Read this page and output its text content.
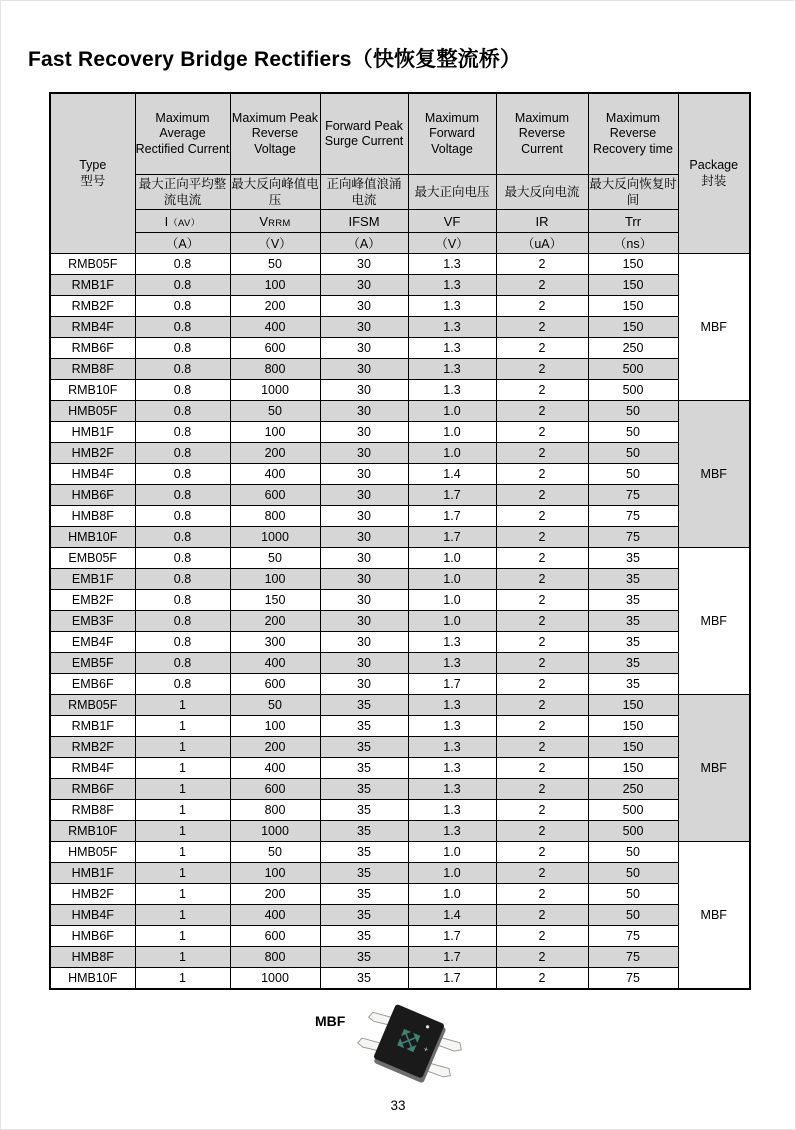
Fast Recovery Bridge Rectifiers（快恢复整流桥）
Type
型号
	Maximum Average Rectified Current	Maximum Peak Reverse Voltage	Forward Peak Surge Current	Maximum Forward Voltage	Maximum Reverse Current	Maximum Reverse Recovery time	
Package
封装

	最大正向平均整流电流	最大反向峰值电压	正向峰值浪涌电流	最大正向电压	最大反向电流	最大反向恢复时间	
	I（AV）	VRRM	IFSM	VF	IR	Trr	
	（A）	（V）	（A）	（V）	（uA）	（ns）	
RMB05F	0.8	50	30	1.3	2	150	MBF
RMB1F	0.8	100	30	1.3	2	150	
RMB2F	0.8	200	30	1.3	2	150	
RMB4F	0.8	400	30	1.3	2	150	
RMB6F	0.8	600	30	1.3	2	250	
RMB8F	0.8	800	30	1.3	2	500	
RMB10F	0.8	1000	30	1.3	2	500	
HMB05F	0.8	50	30	1.0	2	50	MBF
HMB1F	0.8	100	30	1.0	2	50	
HMB2F	0.8	200	30	1.0	2	50	
HMB4F	0.8	400	30	1.4	2	50	
HMB6F	0.8	600	30	1.7	2	75	
HMB8F	0.8	800	30	1.7	2	75	
HMB10F	0.8	1000	30	1.7	2	75	
EMB05F	0.8	50	30	1.0	2	35	MBF
EMB1F	0.8	100	30	1.0	2	35	
EMB2F	0.8	150	30	1.0	2	35	
EMB3F	0.8	200	30	1.0	2	35	
EMB4F	0.8	300	30	1.3	2	35	
EMB5F	0.8	400	30	1.3	2	35	
EMB6F	0.8	600	30	1.7	2	35	
RMB05F	1	50	35	1.3	2	150	MBF
RMB1F	1	100	35	1.3	2	150	
RMB2F	1	200	35	1.3	2	150	
RMB4F	1	400	35	1.3	2	150	
RMB6F	1	600	35	1.3	2	250	
RMB8F	1	800	35	1.3	2	500	
RMB10F	1	1000	35	1.3	2	500	
HMB05F	1	50	35	1.0	2	50	MBF
HMB1F	1	100	35	1.0	2	50	
HMB2F	1	200	35	1.0	2	50	
HMB4F	1	400	35	1.4	2	50	
HMB6F	1	600	35	1.7	2	75	
HMB8F	1	800	35	1.7	2	75	
HMB10F	1	1000	35	1.7	2	75	
MBF
+
33
